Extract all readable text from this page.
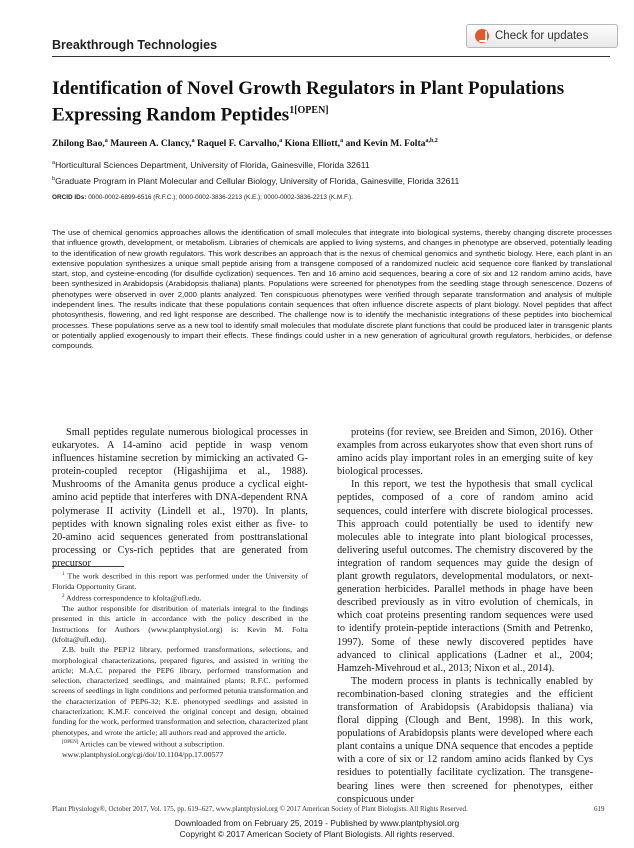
Breakthrough Technologies
Check for updates
Identification of Novel Growth Regulators in Plant Populations Expressing Random Peptides$^{1[OPEN]}$
Zhilong Bao,$^a$ Maureen A. Clancy,$^a$ Raquel F. Carvalho,$^a$ Kiona Elliott,$^a$ and Kevin M. Folta$^{a,b,2}$
$^a$Horticultural Sciences Department, University of Florida, Gainesville, Florida 32611
$^b$Graduate Program in Plant Molecular and Cellular Biology, University of Florida, Gainesville, Florida 32611
ORCID IDs: 0000-0002-6899-6516 (R.F.C.); 0000-0002-3836-2213 (K.E.); 0000-0002-3836-2213 (K.M.F.).
The use of chemical genomics approaches allows the identification of small molecules that integrate into biological systems, thereby changing discrete processes that influence growth, development, or metabolism. Libraries of chemicals are applied to living systems, and changes in phenotype are observed, potentially leading to the identification of new growth regulators. This work describes an approach that is the nexus of chemical genomics and synthetic biology. Here, each plant in an extensive population synthesizes a unique small peptide arising from a transgene composed of a randomized nucleic acid sequence core flanked by translational start, stop, and cysteine-encoding (for disulfide cyclization) sequences. Ten and 16 amino acid sequences, bearing a core of six and 12 random amino acids, have been synthesized in Arabidopsis (Arabidopsis thaliana) plants. Populations were screened for phenotypes from the seedling stage through senescence. Dozens of phenotypes were observed in over 2,000 plants analyzed. Ten conspicuous phenotypes were verified through separate transformation and analysis of multiple independent lines. The results indicate that these populations contain sequences that often influence discrete aspects of plant biology. Novel peptides that affect photosynthesis, flowering, and red light response are described. The challenge now is to identify the mechanistic integrations of these peptides into biochemical processes. These populations serve as a new tool to identify small molecules that modulate discrete plant functions that could be produced later in transgenic plants or potentially applied exogenously to impart their effects. These findings could usher in a new generation of agricultural growth regulators, herbicides, or defense compounds.

Small peptides regulate numerous biological processes in eukaryotes. A 14-amino acid peptide in wasp venom influences histamine secretion by mimicking an activated G-protein-coupled receptor (Higashijima et al., 1988). Mushrooms of the Amanita genus produce a cyclical eight-amino acid peptide that interferes with DNA-dependent RNA polymerase II activity (Lindell et al., 1970). In plants, peptides with known signaling roles exist either as five- to 20-amino acid sequences generated from posttranslational processing or Cys-rich peptides that are generated from precursor

proteins (for review, see Breiden and Simon, 2016). Other examples from across eukaryotes show that even short runs of amino acids play important roles in an emerging suite of key biological processes.

In this report, we test the hypothesis that small cyclical peptides, composed of a core of random amino acid sequences, could interfere with discrete biological processes. This approach could potentially be used to identify new molecules able to integrate into plant biological processes, delivering useful outcomes. The chemistry discovered by the integration of random sequences may guide the design of plant growth regulators, developmental modulators, or next-generation herbicides. Parallel methods in phage have been described previously as in vitro evolution of chemicals, in which coat proteins presenting random sequences were used to identify protein-peptide interactions (Smith and Petrenko, 1997). Some of these newly discovered peptides have advanced to clinical applications (Ladner et al., 2004; Hamzeh-Mivehroud et al., 2013; Nixon et al., 2014).

The modern process in plants is technically enabled by recombination-based cloning strategies and the efficient transformation of Arabidopsis (Arabidopsis thaliana) via floral dipping (Clough and Bent, 1998). In this work, populations of Arabidopsis plants were developed where each plant contains a unique DNA sequence that encodes a peptide with a core of six or 12 random amino acids flanked by Cys residues to potentially facilitate cyclization. The transgene-bearing lines were then screened for phenotypes, either conspicuous under

$^1$ The work described in this report was performed under the University of Florida Opportunity Grant.

$^2$ Address correspondence to kfolta@ufl.edu.

The author responsible for distribution of materials integral to the findings presented in this article in accordance with the policy described in the Instructions for Authors (www.plantphysiol.org) is: Kevin M. Folta (kfolta@ufl.edu).

Z.B. built the PEP12 library, performed transformations, selections, and morphological characterizations, prepared figures, and assisted in writing the article; M.A.C. prepared the PEP6 library, performed transformation and selection, characterized seedlings, and maintained plants; R.F.C. performed screens of seedlings in light conditions and performed petunia transformation and the characterization of PEP6-32; K.E. phenotyped seedlings and assisted in characterization; K.M.F. conceived the original concept and design, obtained funding for the work, performed transformation and selection, characterized plant phenotypes, and wrote the article; all authors read and approved the article.

[OPEN] Articles can be viewed without a subscription.

www.plantphysiol.org/cgi/doi/10.1104/pp.17.00577

Plant Physiology®, October 2017, Vol. 175, pp. 619–627, www.plantphysiol.org © 2017 American Society of Plant Biologists. All Rights Reserved.	619
Downloaded from on February 25, 2019 - Published by www.plantphysiol.org
Copyright © 2017 American Society of Plant Biologists. All rights reserved.
